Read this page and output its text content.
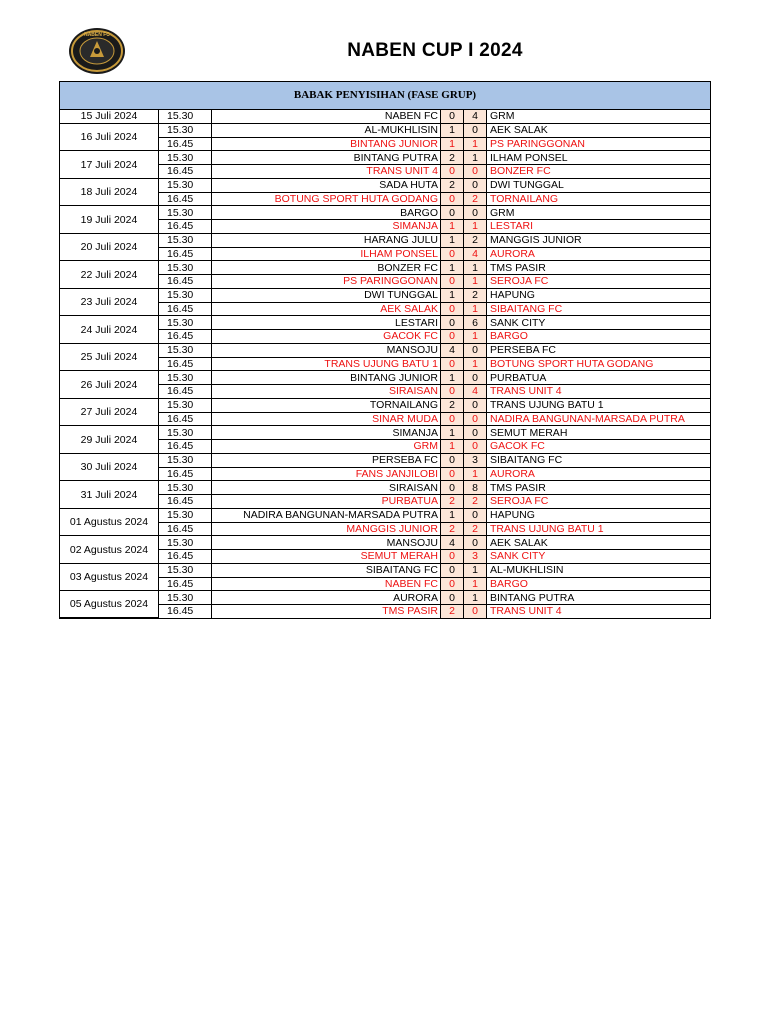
NABEN FC
NABEN CUP I 2024
BABAK PENYISIHAN (FASE GRUP)
15 Juli 2024	15.30	NABEN FC	0	4	GRM
16 Juli 2024	15.30	AL-MUKHLISIN	1	0	AEK SALAK
	16.45	BINTANG JUNIOR	1	1	PS PARINGGONAN
17 Juli 2024	15.30	BINTANG PUTRA	2	1	ILHAM PONSEL
	16.45	TRANS UNIT 4	0	0	BONZER FC
18 Juli 2024	15.30	SADA HUTA	2	0	DWI TUNGGAL
	16.45	BOTUNG SPORT HUTA GODANG	0	2	TORNAILANG
19 Juli 2024	15.30	BARGO	0	0	GRM
	16.45	SIMANJA	1	1	LESTARI
20 Juli 2024	15.30	HARANG JULU	1	2	MANGGIS JUNIOR
	16.45	ILHAM PONSEL	0	4	AURORA
22 Juli 2024	15.30	BONZER FC	1	1	TMS PASIR
	16.45	PS PARINGGONAN	0	1	SEROJA FC
23 Juli 2024	15.30	DWI TUNGGAL	1	2	HAPUNG
	16.45	AEK SALAK	0	1	SIBAITANG FC
24 Juli 2024	15.30	LESTARI	0	6	SANK CITY
	16.45	GACOK FC	0	1	BARGO
25 Juli 2024	15.30	MANSOJU	4	0	PERSEBA FC
	16.45	TRANS UJUNG BATU 1	0	1	BOTUNG SPORT HUTA GODANG
26 Juli 2024	15.30	BINTANG JUNIOR	1	0	PURBATUA
	16.45	SIRAISAN	0	4	TRANS UNIT 4
27 Juli 2024	15.30	TORNAILANG	2	0	TRANS UJUNG BATU 1
	16.45	SINAR MUDA	0	0	NADIRA BANGUNAN-MARSADA PUTRA
29 Juli 2024	15.30	SIMANJA	1	0	SEMUT MERAH
	16.45	GRM	1	0	GACOK FC
30 Juli 2024	15.30	PERSEBA FC	0	3	SIBAITANG FC
	16.45	FANS JANJILOBI	0	1	AURORA
31 Juli 2024	15.30	SIRAISAN	0	8	TMS PASIR
	16.45	PURBATUA	2	2	SEROJA FC
01 Agustus 2024	15.30	NADIRA BANGUNAN-MARSADA PUTRA	1	0	HAPUNG
	16.45	MANGGIS JUNIOR	2	2	TRANS UJUNG BATU 1
02 Agustus 2024	15.30	MANSOJU	4	0	AEK SALAK
	16.45	SEMUT MERAH	0	3	SANK CITY
03 Agustus 2024	15.30	SIBAITANG FC	0	1	AL-MUKHLISIN
	16.45	NABEN FC	0	1	BARGO
05 Agustus 2024	15.30	AURORA	0	1	BINTANG PUTRA
	16.45	TMS PASIR	2	0	TRANS UNIT 4
